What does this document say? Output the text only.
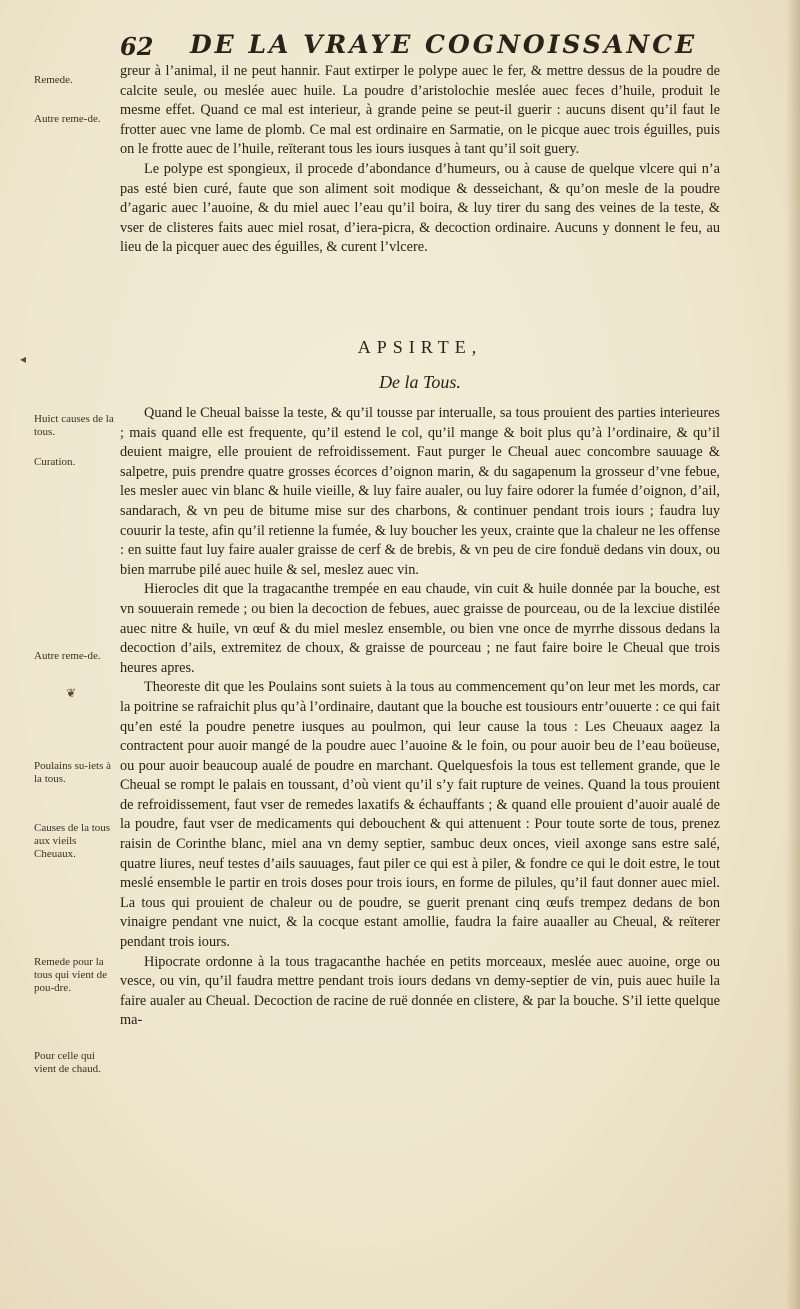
62 DE LA VRAYE COGNOISSANCE
Remede.
Autre reme-de.
Huict causes de la tous.
Curation.
Autre reme-de.
Poulains su-iets à la tous.
Causes de la tous aux vieils Cheuaux.
Remede pour la tous qui vient de pou-dre.
Pour celle qui vient de chaud.
◂
❦

greur à l’animal, il ne peut hannir. Faut extirper le polype auec le fer, & mettre dessus de la poudre de calcite seule, ou meslée auec huile. La poudre d’aristolochie meslée auec feces d’huile, produit le mesme effet. Quand ce mal est interieur, à grande peine se peut-il guerir : aucuns disent qu’il faut le frotter auec vne lame de plomb. Ce mal est ordinaire en Sarmatie, on le picque auec trois éguilles, puis on le frotte auec de l’huile, reïterant tous les iours iusques à tant qu’il soit guery.

Le polype est spongieux, il procede d’abondance d’humeurs, ou à cause de quelque vlcere qui n’a pas esté bien curé, faute que son aliment soit modique & desseichant, & qu’on mesle de la poudre d’agaric auec l’auoine, & du miel auec l’eau qu’il boira, & luy tirer du sang des veines de la teste, & vser de clisteres faits auec miel rosat, d’iera-picra, & decoction ordinaire. Aucuns y donnent le feu, au lieu de la picquer auec des éguilles, & curent l’vlcere.

APSIRTE,
De la Tous.

Quand le Cheual baisse la teste, & qu’il tousse par interualle, sa tous prouient des parties interieures ; mais quand elle est frequente, qu’il estend le col, qu’il mange & boit plus qu’à l’ordinaire, & qu’il deuient maigre, elle prouient de refroidissement. Faut purger le Cheual auec concombre sauuage & salpetre, puis prendre quatre grosses écorces d’oignon marin, & du sagapenum la grosseur d’vne febue, les mesler auec vin blanc & huile vieille, & luy faire aualer, ou luy faire odorer la fumée d’oignon, d’ail, sandarach, & vn peu de bitume mise sur des charbons, & continuer pendant trois iours ; faudra luy couurir la teste, afin qu’il retienne la fumée, & luy boucher les yeux, crainte que la chaleur ne les offense : en suitte faut luy faire aualer graisse de cerf & de brebis, & vn peu de cire fonduë dedans vin doux, ou bien marrube pilé auec huile & sel, meslez auec vin.

Hierocles dit que la tragacanthe trempée en eau chaude, vin cuit & huile donnée par la bouche, est vn souuerain remede ; ou bien la decoction de febues, auec graisse de pourceau, ou de la lexciue distilée auec nitre & huile, vn œuf & du miel meslez ensemble, ou bien vne once de myrrhe dissous dedans la decoction d’ails, extremitez de choux, & graisse de pourceau ; ne faut faire boire le Cheual que trois heures apres.

Theoreste dit que les Poulains sont suiets à la tous au commencement qu’on leur met les mords, car la poitrine se rafraichit plus qu’à l’ordinaire, dautant que la bouche est tousiours entr’ouuerte : ce qui fait qu’en esté la poudre penetre iusques au poulmon, qui leur cause la tous : Les Cheuaux aagez la contractent pour auoir mangé de la poudre auec l’auoine & le foin, ou pour auoir beu de l’eau boüeuse, ou pour auoir beaucoup aualé de poudre en marchant. Quelquesfois la tous est tellement grande, que le Cheual se rompt le palais en toussant, d’où vient qu’il s’y fait rupture de veines. Quand la tous prouient de refroidissement, faut vser de remedes laxatifs & échauffants ; & quand elle prouient d’auoir aualé de la poudre, faut vser de medicaments qui debouchent & qui attenuent : Pour toute sorte de tous, prenez raisin de Corinthe blanc, miel ana vn demy septier, sambuc deux onces, vieil axonge sans estre salé, quatre liures, neuf testes d’ails sauuages, faut piler ce qui est à piler, & fondre ce qui le doit estre, le tout meslé ensemble le partir en trois doses pour trois iours, en forme de pilules, qu’il faut donner auec miel. La tous qui prouient de chaleur ou de poudre, se guerit prenant cinq œufs trempez dedans de bon vinaigre pendant vne nuict, & la cocque estant amollie, faudra la faire auaaller au Cheual, & reïterer pendant trois iours.

Hipocrate ordonne à la tous tragacanthe hachée en petits morceaux, meslée auec auoine, orge ou vesce, ou vin, qu’il faudra mettre pendant trois iours dedans vn demy-septier de vin, puis auec huile la faire aualer au Cheual. Decoction de racine de ruë donnée en clistere, & par la bouche. S’il iette quelque ma-
